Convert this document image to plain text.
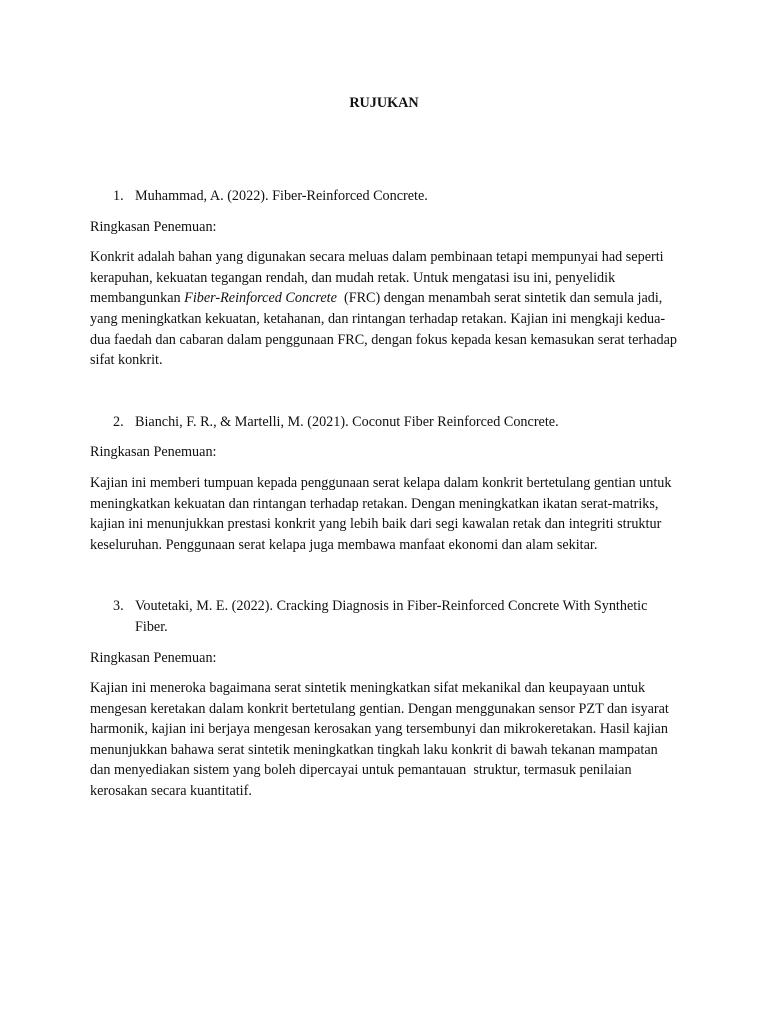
RUJUKAN

1. Muhammad, A. (2022). Fiber-Reinforced Concrete.

Ringkasan Penemuan:

Konkrit adalah bahan yang digunakan secara meluas dalam pembinaan tetapi mempunyai had seperti kerapuhan, kekuatan tegangan rendah, dan mudah retak. Untuk mengatasi isu ini, penyelidik membangunkan Fiber-Reinforced Concrete  (FRC) dengan menambah serat sintetik dan semula jadi, yang meningkatkan kekuatan, ketahanan, dan rintangan terhadap retakan. Kajian ini mengkaji kedua-dua faedah dan cabaran dalam penggunaan FRC, dengan fokus kepada kesan kemasukan serat terhadap sifat konkrit.

2. Bianchi, F. R., & Martelli, M. (2021). Coconut Fiber Reinforced Concrete.

Ringkasan Penemuan:

Kajian ini memberi tumpuan kepada penggunaan serat kelapa dalam konkrit bertetulang gentian untuk meningkatkan kekuatan dan rintangan terhadap retakan. Dengan meningkatkan ikatan serat-matriks, kajian ini menunjukkan prestasi konkrit yang lebih baik dari segi kawalan retak dan integriti struktur keseluruhan. Penggunaan serat kelapa juga membawa manfaat ekonomi dan alam sekitar.

3. Voutetaki, M. E. (2022). Cracking Diagnosis in Fiber-Reinforced Concrete With Synthetic Fiber.

Ringkasan Penemuan:

Kajian ini meneroka bagaimana serat sintetik meningkatkan sifat mekanikal dan keupayaan untuk mengesan keretakan dalam konkrit bertetulang gentian. Dengan menggunakan sensor PZT dan isyarat harmonik, kajian ini berjaya mengesan kerosakan yang tersembunyi dan mikrokeretakan. Hasil kajian menunjukkan bahawa serat sintetik meningkatkan tingkah laku konkrit di bawah tekanan mampatan dan menyediakan sistem yang boleh dipercayai untuk pemantauan  struktur, termasuk penilaian kerosakan secara kuantitatif.
